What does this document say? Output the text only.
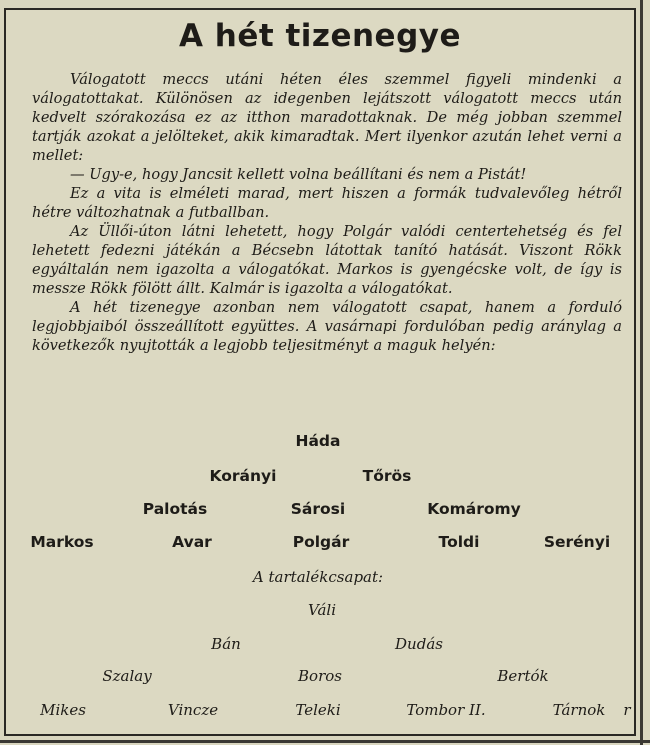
A hét tizenegye

Válogatott meccs utáni héten éles szemmel figyeli mindenki a válogatottakat. Különösen az idegenben lejátszott válogatott meccs után kedvelt szórakozása ez az itthon maradottaknak. De még jobban szemmel tartják azokat a jelölteket, akik kimaradtak. Mert ilyenkor azután lehet verni a mellet:

— Ugy-e, hogy Jancsit kellett volna beállítani és nem a Pistát!

Ez a vita is elméleti marad, mert hiszen a formák tudvalevőleg hétről hétre változhatnak a futballban.

Az Üllői-úton látni lehetett, hogy Polgár valódi centertehetség és fel lehetett fedezni játékán a Bécsebn látottak tanító hatását. Viszont Rökk egyáltalán nem igazolta a válogatókat. Markos is gyengécske volt, de így is messze Rökk fölött állt. Kalmár is igazolta a válogatókat.

A hét tizenegye azonban nem válogatott csapat, hanem a forduló legjobbjaiból összeállított együttes. A vasárnapi fordulóban pedig aránylag a következők nyujtották a legjobb teljesitményt a maguk helyén:

Háda
Korányi	Tőrös
Palotás	Sárosi	Komáromy
Markos	Avar	Polgár	Toldi	Serényi
A tartalékcsapat:
Váli
Bán	Dudás
Szalay	Boros	Bertók
Mikes	Vincze	Teleki	Tombor II.	Tárnok r
